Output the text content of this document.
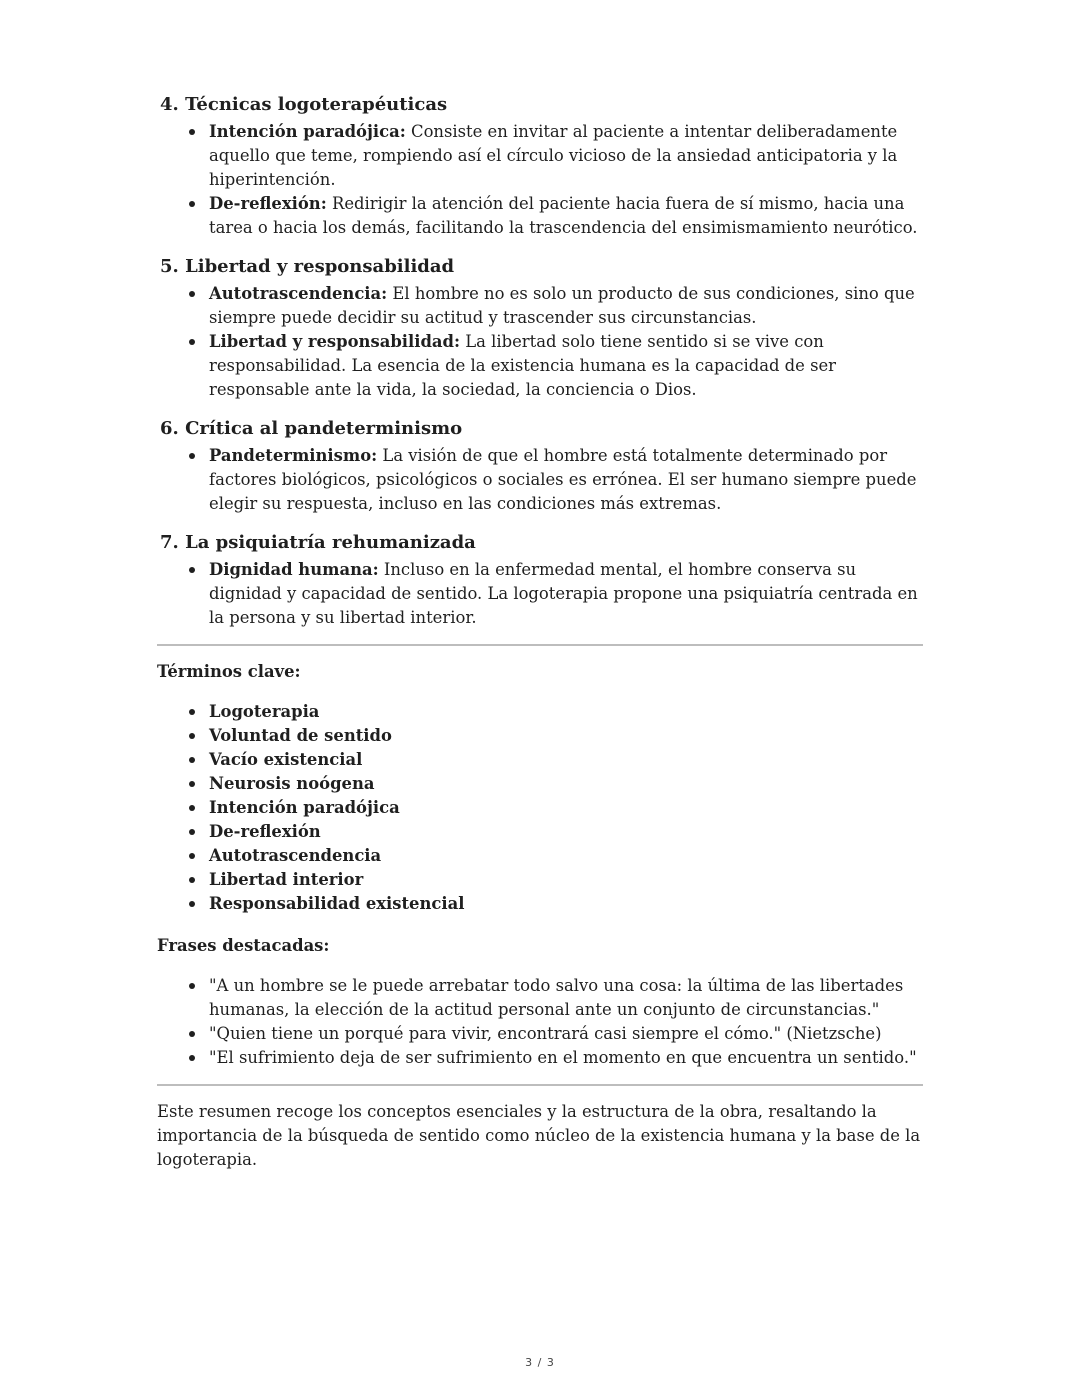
4. Técnicas logoterapéuticas
Intención paradójica: Consiste en invitar al paciente a intentar deliberadamente aquello que teme, rompiendo así el círculo vicioso de la ansiedad anticipatoria y la hiperintención.
De-reflexión: Redirigir la atención del paciente hacia fuera de sí mismo, hacia una tarea o hacia los demás, facilitando la trascendencia del ensimismamiento neurótico.
5. Libertad y responsabilidad
Autotrascendencia: El hombre no es solo un producto de sus condiciones, sino que siempre puede decidir su actitud y trascender sus circunstancias.
Libertad y responsabilidad: La libertad solo tiene sentido si se vive con responsabilidad. La esencia de la existencia humana es la capacidad de ser responsable ante la vida, la sociedad, la conciencia o Dios.
6. Crítica al pandeterminismo
Pandeterminismo: La visión de que el hombre está totalmente determinado por factores biológicos, psicológicos o sociales es errónea. El ser humano siempre puede elegir su respuesta, incluso en las condiciones más extremas.
7. La psiquiatría rehumanizada
Dignidad humana: Incluso en la enfermedad mental, el hombre conserva su dignidad y capacidad de sentido. La logoterapia propone una psiquiatría centrada en la persona y su libertad interior.

Términos clave:

Logoterapia
Voluntad de sentido
Vacío existencial
Neurosis noógena
Intención paradójica
De-reflexión
Autotrascendencia
Libertad interior
Responsabilidad existencial

Frases destacadas:

"A un hombre se le puede arrebatar todo salvo una cosa: la última de las libertades humanas, la elección de la actitud personal ante un conjunto de circunstancias."
"Quien tiene un porqué para vivir, encontrará casi siempre el cómo." (Nietzsche)
"El sufrimiento deja de ser sufrimiento en el momento en que encuentra un sentido."

Este resumen recoge los conceptos esenciales y la estructura de la obra, resaltando la importancia de la búsqueda de sentido como núcleo de la existencia humana y la base de la logoterapia.

3 / 3
